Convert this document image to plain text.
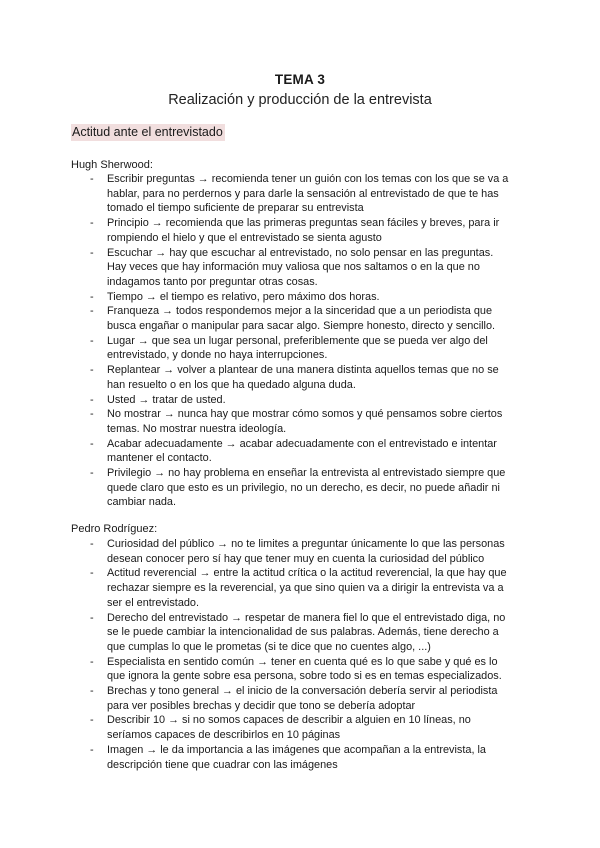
TEMA 3
Realización y producción de la entrevista
Actitud ante el entrevistado
Hugh Sherwood:
- Escribir preguntas → recomienda tener un guión con los temas con los que se va a hablar, para no perdernos y para darle la sensación al entrevistado de que te has tomado el tiempo suficiente de preparar su entrevista
- Principio → recomienda que las primeras preguntas sean fáciles y breves, para ir rompiendo el hielo y que el entrevistado se sienta agusto
- Escuchar → hay que escuchar al entrevistado, no solo pensar en las preguntas. Hay veces que hay información muy valiosa que nos saltamos o en la que no indagamos tanto por preguntar otras cosas.
- Tiempo → el tiempo es relativo, pero máximo dos horas.
- Franqueza → todos respondemos mejor a la sinceridad que a un periodista que busca engañar o manipular para sacar algo. Siempre honesto, directo y sencillo.
- Lugar → que sea un lugar personal, preferiblemente que se pueda ver algo del entrevistado, y donde no haya interrupciones.
- Replantear → volver a plantear de una manera distinta aquellos temas que no se han resuelto o en los que ha quedado alguna duda.
- Usted → tratar de usted.
- No mostrar → nunca hay que mostrar cómo somos y qué pensamos sobre ciertos temas. No mostrar nuestra ideología.
- Acabar adecuadamente → acabar adecuadamente con el entrevistado e intentar mantener el contacto.
- Privilegio → no hay problema en enseñar la entrevista al entrevistado siempre que quede claro que esto es un privilegio, no un derecho, es decir, no puede añadir ni cambiar nada.
Pedro Rodríguez:
- Curiosidad del público → no te limites a preguntar únicamente lo que las personas desean conocer pero sí hay que tener muy en cuenta la curiosidad del público
- Actitud reverencial → entre la actitud crítica o la actitud reverencial, la que hay que rechazar siempre es la reverencial, ya que sino quien va a dirigir la entrevista va a ser el entrevistado.
- Derecho del entrevistado → respetar de manera fiel lo que el entrevistado diga, no se le puede cambiar la intencionalidad de sus palabras. Además, tiene derecho a que cumplas lo que le prometas (si te dice que no cuentes algo, ...)
- Especialista en sentido común → tener en cuenta qué es lo que sabe y qué es lo que ignora la gente sobre esa persona, sobre todo si es en temas especializados.
- Brechas y tono general → el inicio de la conversación debería servir al periodista para ver posibles brechas y decidir que tono se debería adoptar
- Describir 10 → si no somos capaces de describir a alguien en 10 líneas, no seríamos capaces de describirlos en 10 páginas
- Imagen → le da importancia a las imágenes que acompañan a la entrevista, la descripción tiene que cuadrar con las imágenes
